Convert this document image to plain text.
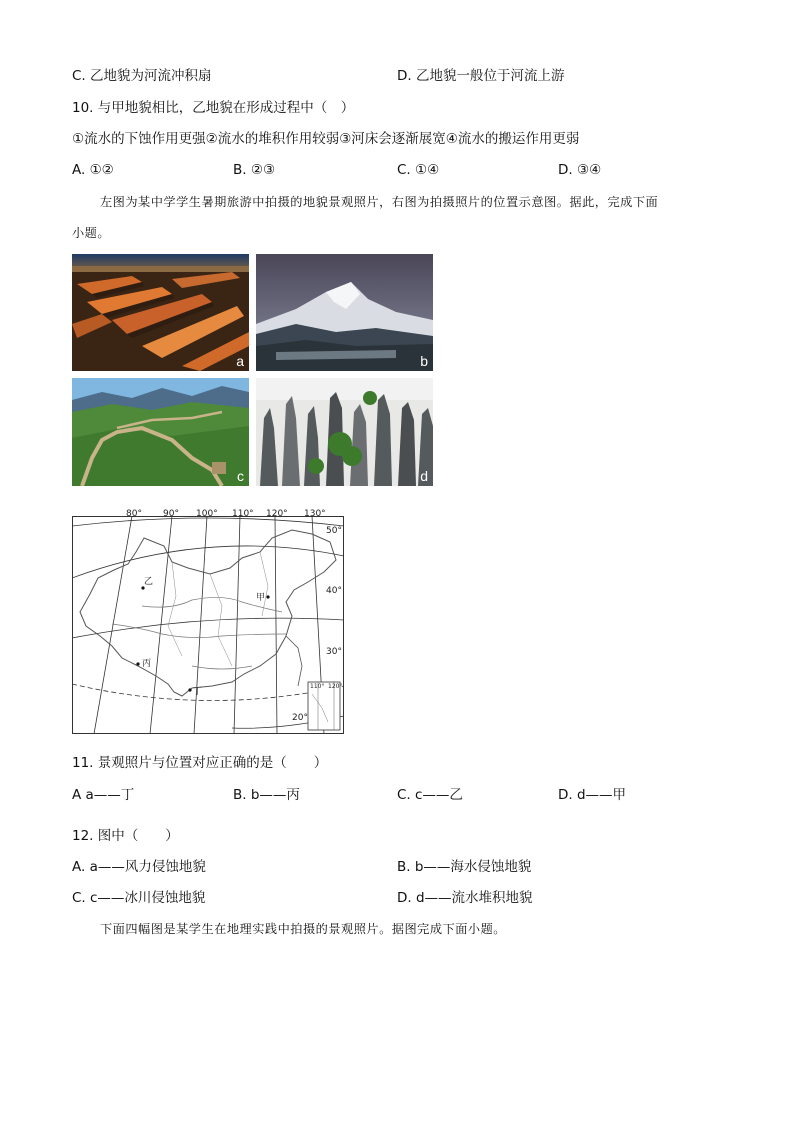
C. 乙地貌为河流冲积扇	D. 乙地貌一般位于河流上游
10. 与甲地貌相比，乙地貌在形成过程中（　）
①流水的下蚀作用更强②流水的堆积作用较弱③河床会逐渐展宽④流水的搬运作用更弱
A. ①②	B. ②③	C. ①④	D. ③④
左图为某中学学生暑期旅游中拍摄的地貌景观照片，右图为拍摄照片的位置示意图。据此，完成下面
小题。
a	b
c	d
乙
甲
丙
丁
50°
40°
30°
20°
110° 120°
80° 90° 100° 110° 120° 130°
11. 景观照片与位置对应正确的是（　　）
A a——丁	B. b——丙	C. c——乙	D. d——甲
12. 图中（　　）
A. a——风力侵蚀地貌	B. b——海水侵蚀地貌
C. c——冰川侵蚀地貌	D. d——流水堆积地貌
下面四幅图是某学生在地理实践中拍摄的景观照片。据图完成下面小题。
